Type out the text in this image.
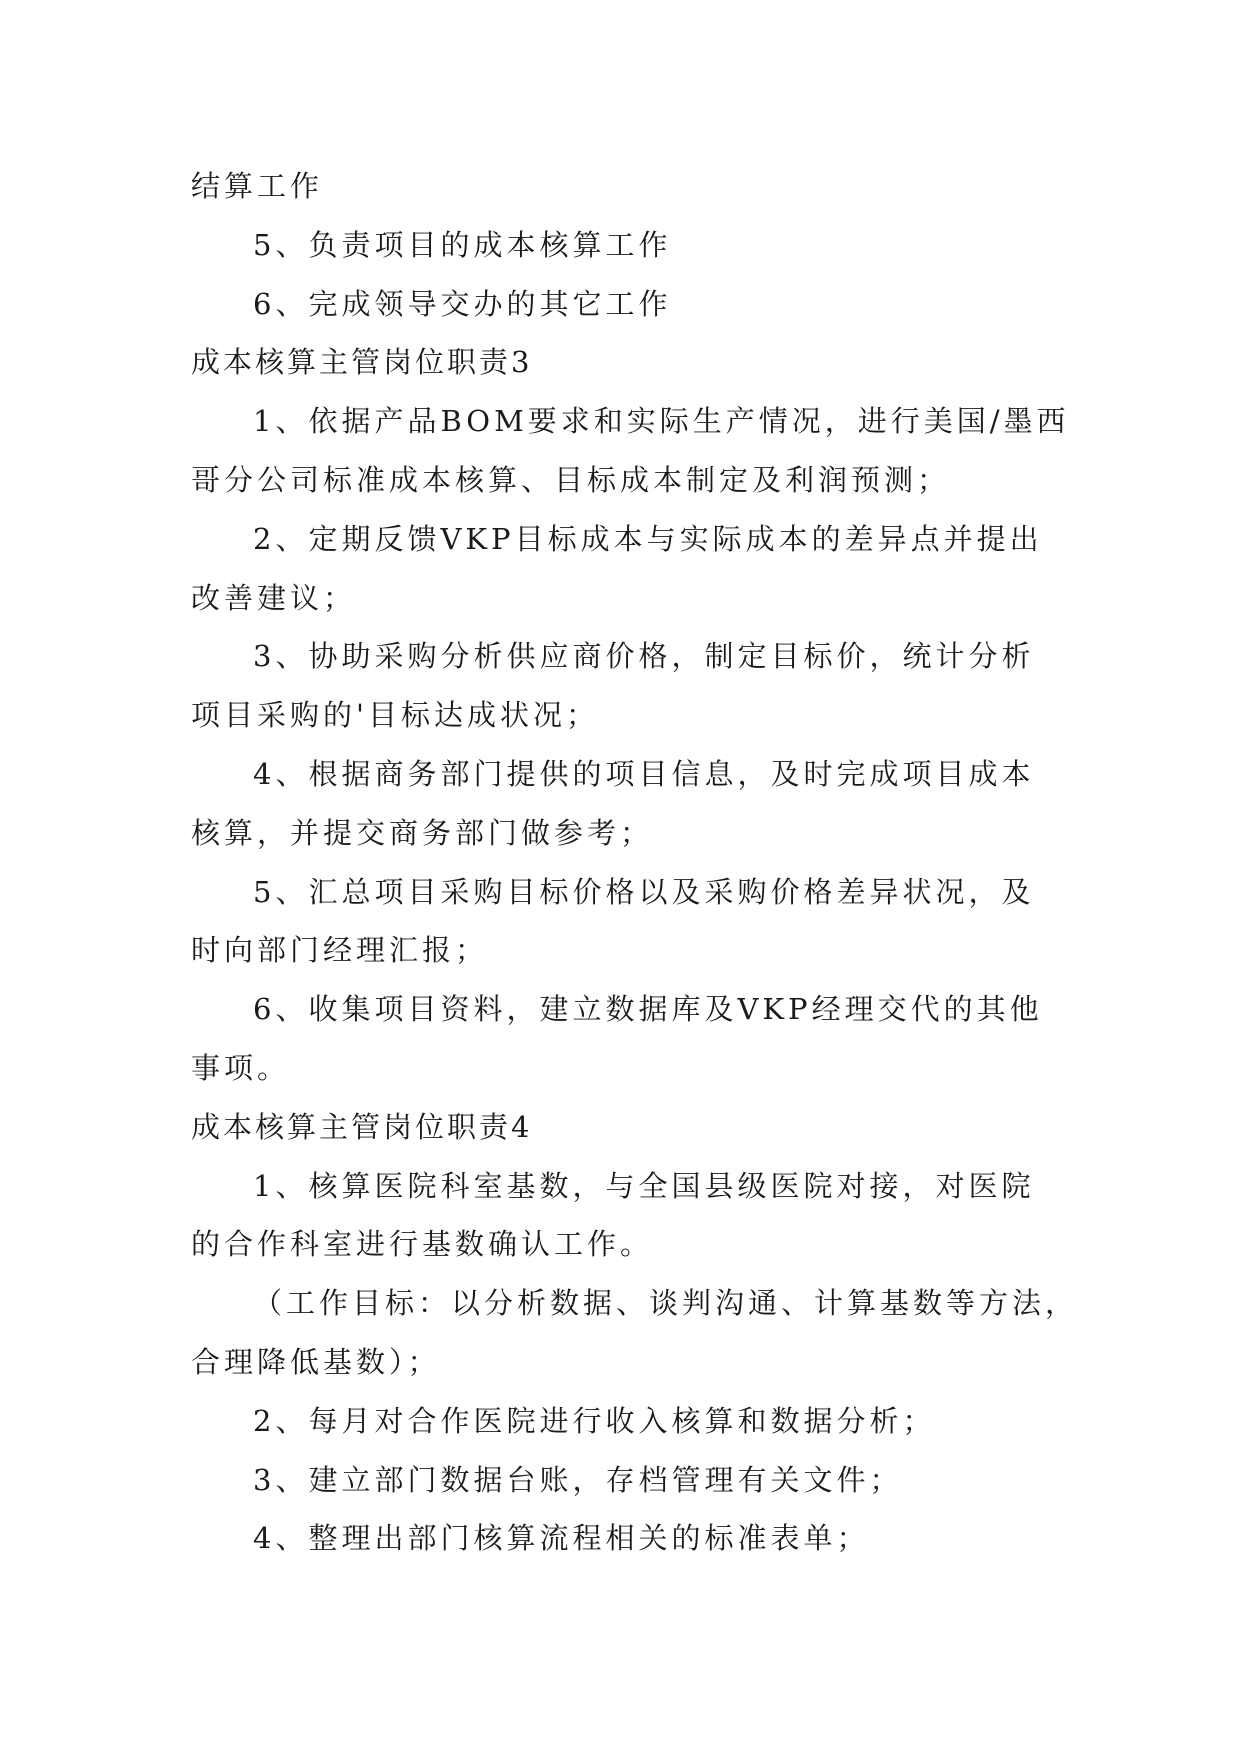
结算工作
5、负责项目的成本核算工作
6、完成领导交办的其它工作
成本核算主管岗位职责3
1、依据产品BOM要求和实际生产情况，进行美国/墨西
哥分公司标准成本核算、目标成本制定及利润预测；
2、定期反馈VKP目标成本与实际成本的差异点并提出
改善建议；
3、协助采购分析供应商价格，制定目标价，统计分析
项目采购的'目标达成状况；
4、根据商务部门提供的项目信息，及时完成项目成本
核算，并提交商务部门做参考；
5、汇总项目采购目标价格以及采购价格差异状况，及
时向部门经理汇报；
6、收集项目资料，建立数据库及VKP经理交代的其他
事项。
成本核算主管岗位职责4
1、核算医院科室基数，与全国县级医院对接，对医院
的合作科室进行基数确认工作。
（工作目标：以分析数据、谈判沟通、计算基数等方法，
合理降低基数）；
2、每月对合作医院进行收入核算和数据分析；
3、建立部门数据台账，存档管理有关文件；
4、整理出部门核算流程相关的标准表单；
